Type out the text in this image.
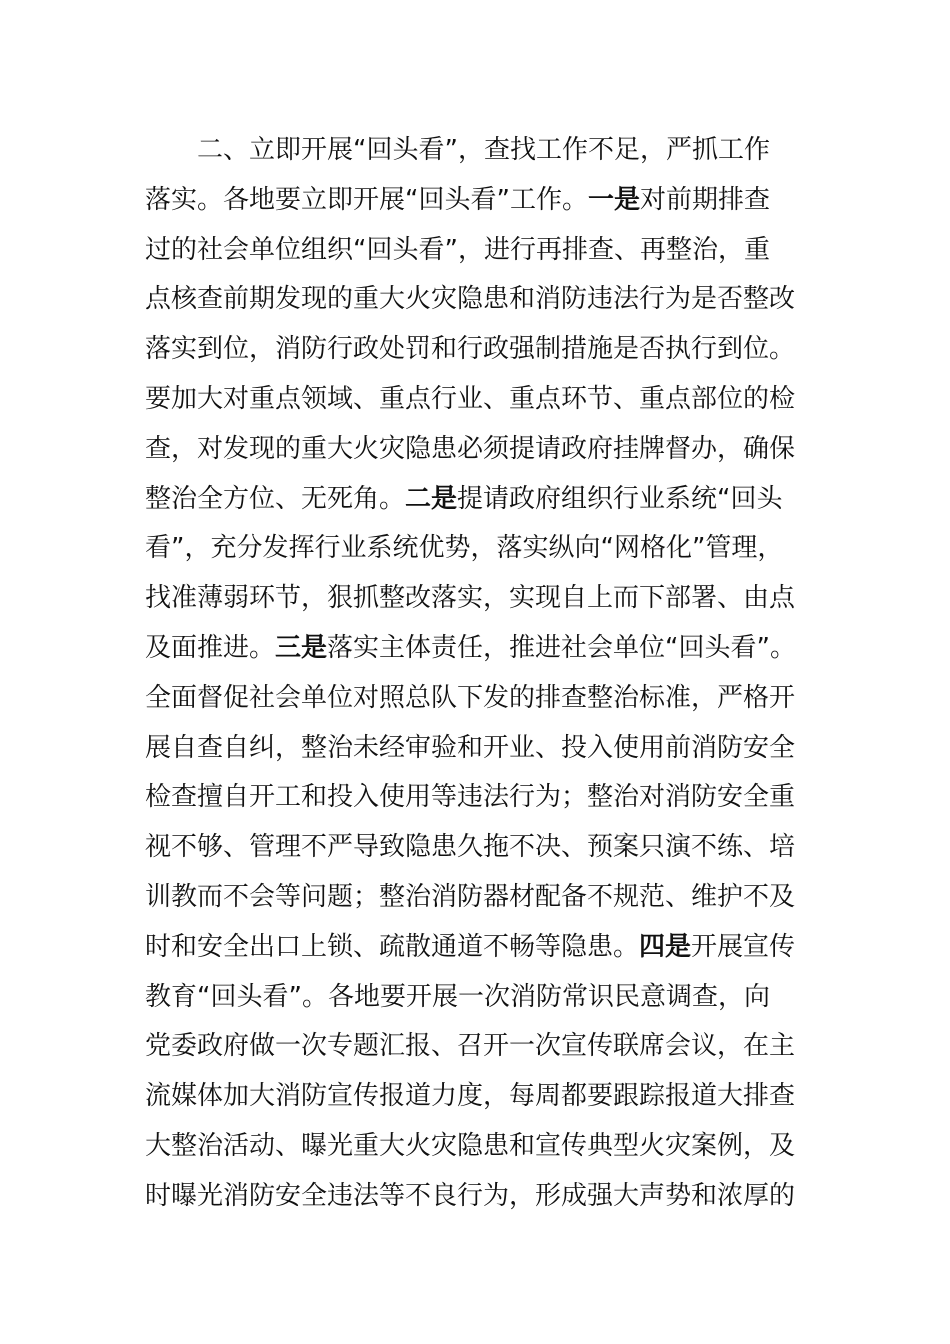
二、立即开展“回头看”，查找工作不足，严抓工作
落实。各地要立即开展“回头看”工作。一是对前期排查
过的社会单位组织“回头看”，进行再排查、再整治，重
点核查前期发现的重大火灾隐患和消防违法行为是否整改
落实到位，消防行政处罚和行政强制措施是否执行到位。
要加大对重点领域、重点行业、重点环节、重点部位的检
查，对发现的重大火灾隐患必须提请政府挂牌督办，确保
整治全方位、无死角。二是提请政府组织行业系统“回头
看”，充分发挥行业系统优势，落实纵向“网格化”管理，
找准薄弱环节，狠抓整改落实，实现自上而下部署、由点
及面推进。三是落实主体责任，推进社会单位“回头看”。
全面督促社会单位对照总队下发的排查整治标准，严格开
展自查自纠，整治未经审验和开业、投入使用前消防安全
检查擅自开工和投入使用等违法行为；整治对消防安全重
视不够、管理不严导致隐患久拖不决、预案只演不练、培
训教而不会等问题；整治消防器材配备不规范、维护不及
时和安全出口上锁、疏散通道不畅等隐患。四是开展宣传
教育“回头看”。各地要开展一次消防常识民意调查，向
党委政府做一次专题汇报、召开一次宣传联席会议，在主
流媒体加大消防宣传报道力度，每周都要跟踪报道大排查
大整治活动、曝光重大火灾隐患和宣传典型火灾案例，及
时曝光消防安全违法等不良行为，形成强大声势和浓厚的
